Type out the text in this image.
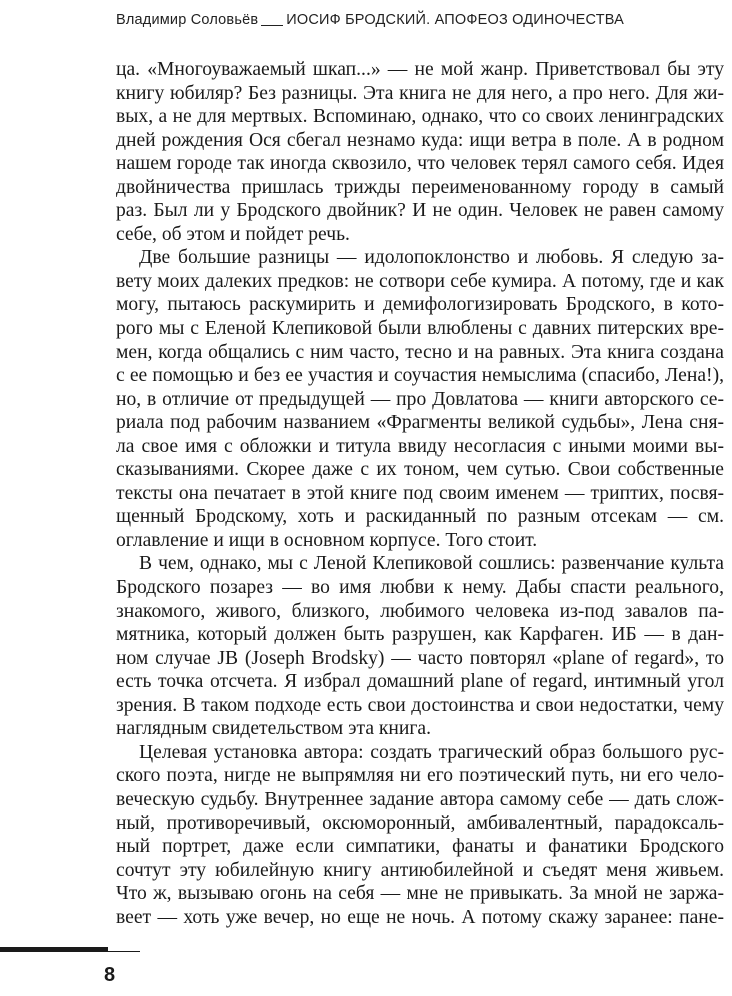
Владимир Соловьёв ИОСИФ БРОДСКИЙ. АПОФЕОЗ ОДИНОЧЕСТВА
ца. «Многоуважаемый шкап...» — не мой жанр. Приветствовал бы эту
книгу юбиляр? Без разницы. Эта книга не для него, а про него. Для жи-
вых, а не для мертвых. Вспоминаю, однако, что со своих ленинградских
дней рождения Ося сбегал незнамо куда: ищи ветра в поле. А в родном
нашем городе так иногда сквозило, что человек терял самого себя. Идея
двойничества пришлась трижды переименованному городу в самый
раз. Был ли у Бродского двойник? И не один. Человек не равен самому
себе, об этом и пойдет речь.
Две большие разницы — идолопоклонство и любовь. Я следую за-
вету моих далеких предков: не сотвори себе кумира. А потому, где и как
могу, пытаюсь раскумирить и демифологизировать Бродского, в кото-
рого мы с Еленой Клепиковой были влюблены с давних питерских вре-
мен, когда общались с ним часто, тесно и на равных. Эта книга создана
с ее помощью и без ее участия и соучастия немыслима (спасибо, Лена!),
но, в отличие от предыдущей — про Довлатова — книги авторского се-
риала под рабочим названием «Фрагменты великой судьбы», Лена сня-
ла свое имя с обложки и титула ввиду несогласия с иными моими вы-
сказываниями. Скорее даже с их тоном, чем сутью. Свои собственные
тексты она печатает в этой книге под своим именем — триптих, посвя-
щенный Бродскому, хоть и раскиданный по разным отсекам — см.
оглавление и ищи в основном корпусе. Того стоит.
В чем, однако, мы с Леной Клепиковой сошлись: развенчание культа
Бродского позарез — во имя любви к нему. Дабы спасти реального,
знакомого, живого, близкого, любимого человека из-под завалов па-
мятника, который должен быть разрушен, как Карфаген. ИБ — в дан-
ном случае JB (Joseph Brodsky) — часто повторял «plane of regard», то
есть точка отсчета. Я избрал домашний plane of regard, интимный угол
зрения. В таком подходе есть свои достоинства и свои недостатки, чему
наглядным свидетельством эта книга.
Целевая установка автора: создать трагический образ большого рус-
ского поэта, нигде не выпрямляя ни его поэтический путь, ни его чело-
веческую судьбу. Внутреннее задание автора самому себе — дать слож-
ный, противоречивый, оксюморонный, амбивалентный, парадоксаль-
ный портрет, даже если симпатики, фанаты и фанатики Бродского
сочтут эту юбилейную книгу антиюбилейной и съедят меня живьем.
Что ж, вызываю огонь на себя — мне не привыкать. За мной не заржа-
веет — хоть уже вечер, но еще не ночь. А потому скажу заранее: пане-
8
